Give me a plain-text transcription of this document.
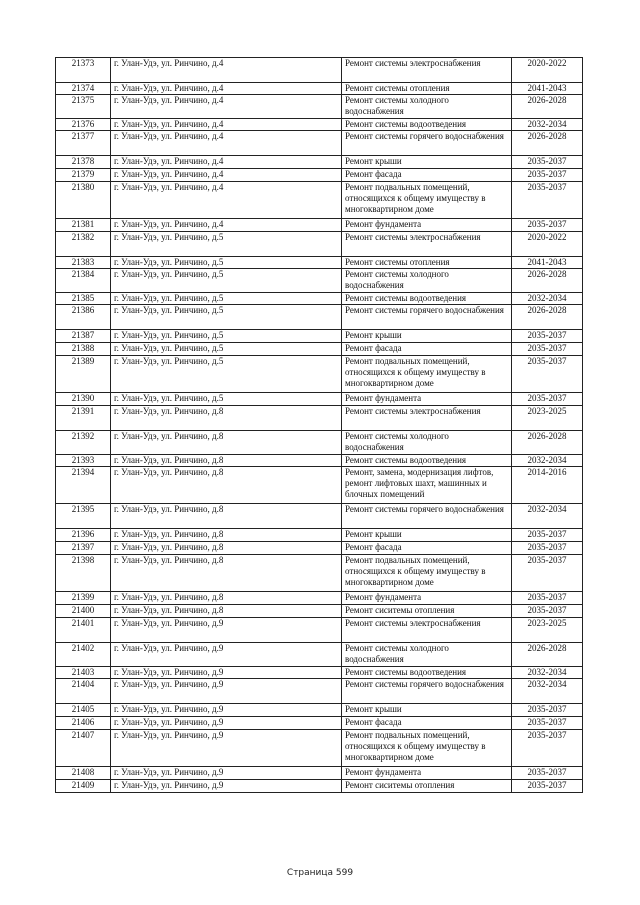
21373	г. Улан-Удэ, ул. Ринчино, д.4	Ремонт системы электроснабжения	2020-2022
21374	г. Улан-Удэ, ул. Ринчино, д.4	Ремонт системы отопления	2041-2043
21375	г. Улан-Удэ, ул. Ринчино, д.4	Ремонт системы холодного водоснабжения	2026-2028
21376	г. Улан-Удэ, ул. Ринчино, д.4	Ремонт системы водоотведения	2032-2034
21377	г. Улан-Удэ, ул. Ринчино, д.4	Ремонт системы горячего водоснабжения	2026-2028
21378	г. Улан-Удэ, ул. Ринчино, д.4	Ремонт крыши	2035-2037
21379	г. Улан-Удэ, ул. Ринчино, д.4	Ремонт фасада	2035-2037
21380	г. Улан-Удэ, ул. Ринчино, д.4	Ремонт подвальных помещений, относящихся к общему имуществу в многоквартирном доме	2035-2037
21381	г. Улан-Удэ, ул. Ринчино, д.4	Ремонт фундамента	2035-2037
21382	г. Улан-Удэ, ул. Ринчино, д.5	Ремонт системы электроснабжения	2020-2022
21383	г. Улан-Удэ, ул. Ринчино, д.5	Ремонт системы отопления	2041-2043
21384	г. Улан-Удэ, ул. Ринчино, д.5	Ремонт системы холодного водоснабжения	2026-2028
21385	г. Улан-Удэ, ул. Ринчино, д.5	Ремонт системы водоотведения	2032-2034
21386	г. Улан-Удэ, ул. Ринчино, д.5	Ремонт системы горячего водоснабжения	2026-2028
21387	г. Улан-Удэ, ул. Ринчино, д.5	Ремонт крыши	2035-2037
21388	г. Улан-Удэ, ул. Ринчино, д.5	Ремонт фасада	2035-2037
21389	г. Улан-Удэ, ул. Ринчино, д.5	Ремонт подвальных помещений, относящихся к общему имуществу в многоквартирном доме	2035-2037
21390	г. Улан-Удэ, ул. Ринчино, д.5	Ремонт фундамента	2035-2037
21391	г. Улан-Удэ, ул. Ринчино, д.8	Ремонт системы электроснабжения	2023-2025
21392	г. Улан-Удэ, ул. Ринчино, д.8	Ремонт системы холодного водоснабжения	2026-2028
21393	г. Улан-Удэ, ул. Ринчино, д.8	Ремонт системы водоотведения	2032-2034
21394	г. Улан-Удэ, ул. Ринчино, д.8	Ремонт, замена, модернизация лифтов, ремонт лифтовых шахт, машинных и блочных помещений	2014-2016
21395	г. Улан-Удэ, ул. Ринчино, д.8	Ремонт системы горячего водоснабжения	2032-2034
21396	г. Улан-Удэ, ул. Ринчино, д.8	Ремонт крыши	2035-2037
21397	г. Улан-Удэ, ул. Ринчино, д.8	Ремонт фасада	2035-2037
21398	г. Улан-Удэ, ул. Ринчино, д.8	Ремонт подвальных помещений, относящихся к общему имуществу в многоквартирном доме	2035-2037
21399	г. Улан-Удэ, ул. Ринчино, д.8	Ремонт фундамента	2035-2037
21400	г. Улан-Удэ, ул. Ринчино, д.8	Ремонт сиситемы отопления	2035-2037
21401	г. Улан-Удэ, ул. Ринчино, д.9	Ремонт системы электроснабжения	2023-2025
21402	г. Улан-Удэ, ул. Ринчино, д.9	Ремонт системы холодного водоснабжения	2026-2028
21403	г. Улан-Удэ, ул. Ринчино, д.9	Ремонт системы водоотведения	2032-2034
21404	г. Улан-Удэ, ул. Ринчино, д.9	Ремонт системы горячего водоснабжения	2032-2034
21405	г. Улан-Удэ, ул. Ринчино, д.9	Ремонт крыши	2035-2037
21406	г. Улан-Удэ, ул. Ринчино, д.9	Ремонт фасада	2035-2037
21407	г. Улан-Удэ, ул. Ринчино, д.9	Ремонт подвальных помещений, относящихся к общему имуществу в многоквартирном доме	2035-2037
21408	г. Улан-Удэ, ул. Ринчино, д.9	Ремонт фундамента	2035-2037
21409	г. Улан-Удэ, ул. Ринчино, д.9	Ремонт сиситемы отопления	2035-2037
Страница 599
